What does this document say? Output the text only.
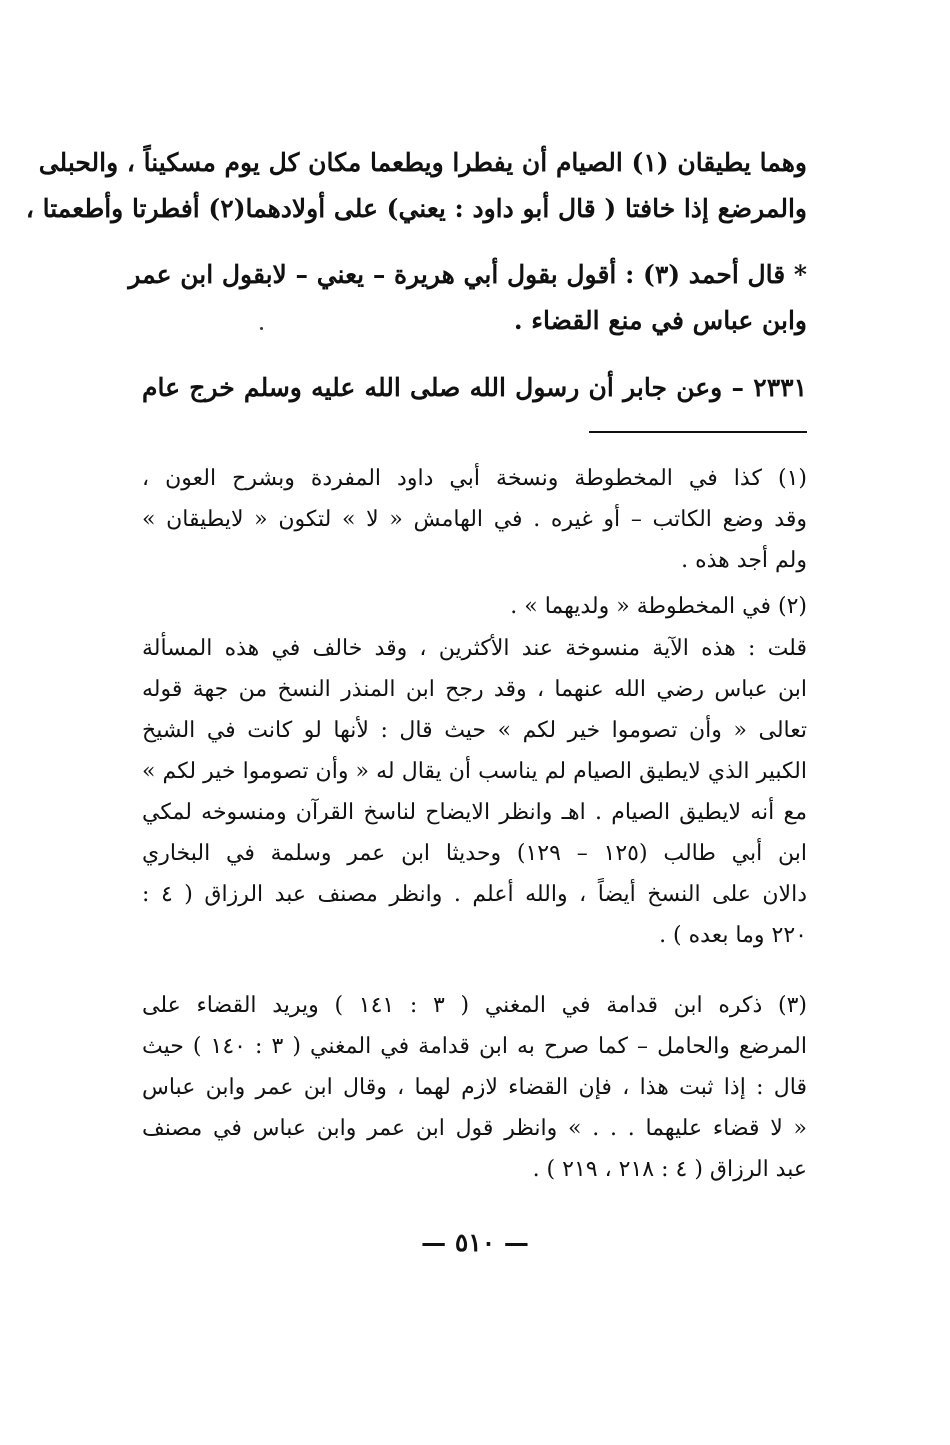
وهما يطيقان (١) الصيام أن يفطرا ويطعما مكان كل يوم مسكيناً ، والحبلى
والمرضع إذا خافتا ( قال أبو داود : يعني) على أولادهما(٢) أفطرتا وأطعمتا ،
* قال أحمد (٣) : أقول بقول أبي هريرة – يعني – لابقول ابن عمر
وابن عباس في منع القضاء .
٢٣٣١ – وعن جابر أن رسول الله صلى الله عليه وسلم خرج عام
(١) كذا في المخطوطة ونسخة أبي داود المفردة وبشرح العون ،
وقد وضع الكاتب – أو غيره . في الهامش « لا » لتكون « لايطيقان »
ولم أجد هذه .
(٢) في المخطوطة « ولديهما » .
قلت : هذه الآية منسوخة عند الأكثرين ، وقد خالف في هذه المسألة
ابن عباس رضي الله عنهما ، وقد رجح ابن المنذر النسخ من جهة قوله
تعالى « وأن تصوموا خير لكم » حيث قال : لأنها لو كانت في الشيخ
الكبير الذي لايطيق الصيام لم يناسب أن يقال له « وأن تصوموا خير لكم »
مع أنه لايطيق الصيام . اهـ وانظر الايضاح لناسخ القرآن ومنسوخه لمكي
ابن أبي طالب (١٢٥ – ١٢٩) وحديثا ابن عمر وسلمة في البخاري
دالان على النسخ أيضاً ، والله أعلم . وانظر مصنف عبد الرزاق ( ٤ :
٢٢٠ وما بعده ) .
(٣) ذكره ابن قدامة في المغني ( ٣ : ١٤١ ) ويريد القضاء على
المرضع والحامل – كما صرح به ابن قدامة في المغني ( ٣ : ١٤٠ ) حيث
قال : إذا ثبت هذا ، فإن القضاء لازم لهما ، وقال ابن عمر وابن عباس
« لا قضاء عليهما . . . » وانظر قول ابن عمر وابن عباس في مصنف
عبد الرزاق ( ٤ : ٢١٨ ، ٢١٩ ) .
— ٥١٠ —
